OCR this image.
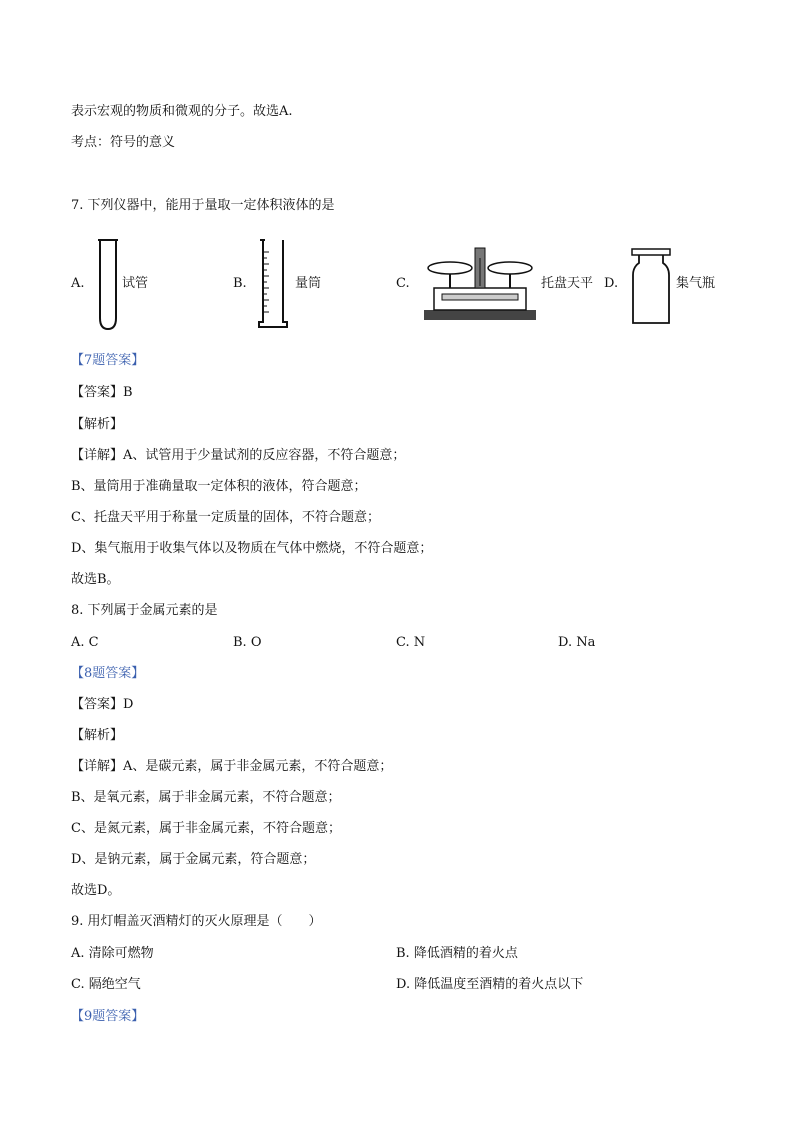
表示宏观的物质和微观的分子。故选A.
考点：符号的意义
7. 下列仪器中，能用于量取一定体积液体的是
A.	试管	B.	量筒	C.	托盘天平 D.	集气瓶
【7题答案】
【答案】B
【解析】
【详解】A、试管用于少量试剂的反应容器，不符合题意；
B、量筒用于准确量取一定体积的液体，符合题意；
C、托盘天平用于称量一定质量的固体，不符合题意；
D、集气瓶用于收集气体以及物质在气体中燃烧，不符合题意；
故选B。
8. 下列属于金属元素的是
A. C	B. O	C. N	D. Na
【8题答案】
【答案】D
【解析】
【详解】A、是碳元素，属于非金属元素，不符合题意；
B、是氧元素，属于非金属元素，不符合题意；
C、是氮元素，属于非金属元素，不符合题意；
D、是钠元素，属于金属元素，符合题意；
故选D。
9. 用灯帽盖灭酒精灯的灭火原理是（　　）
A. 清除可燃物	B. 降低酒精的着火点
C. 隔绝空气	D. 降低温度至酒精的着火点以下
【9题答案】
